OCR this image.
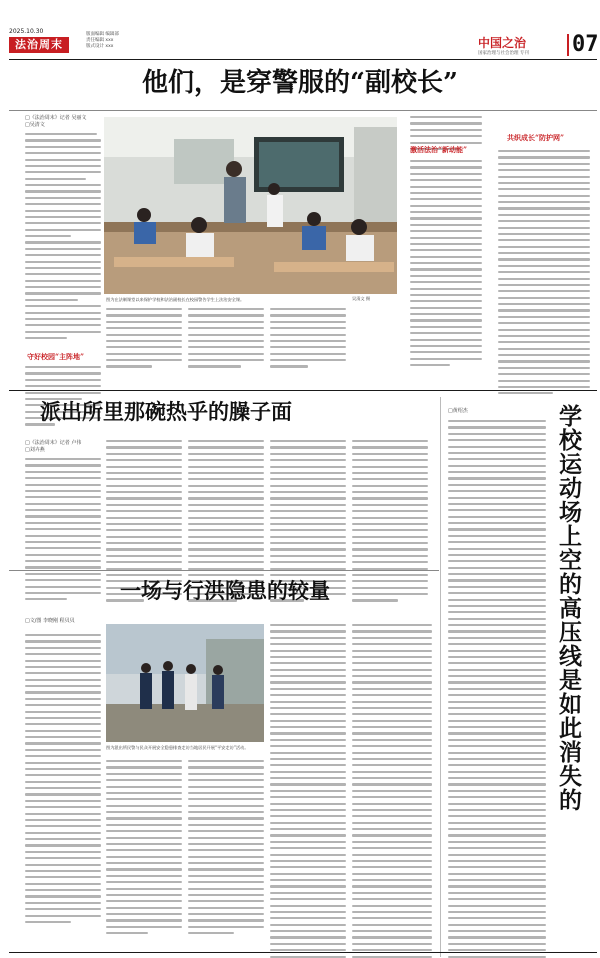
2025.10.30
法治周末
版面编辑 编辑部
责任编辑 xxx
版式设计 xxx	中国之治
国家治理与社会治理 专刊	07
他们，是穿警服的“副校长”
□《法治周末》记者 吴丽文
□吴清文
守好校园“主阵地”
吴清文 摄
图为在法制课堂以来保护学校和法治副校长在校园警告学生上法治安全课。
激活法治“新动能”
共织成长“防护网”
派出所里那碗热乎的臊子面
□《法治周末》记者 卢伟
□刘卉燕
□黄绍杰	学校运动场上空的高压线是如此消失的
一场与行洪隐患的较量
□文/图 李晓刚 程贝贝
图为派出所民警与民众开展安全隐患排查走访当地居民开展“平安走访”活动。
